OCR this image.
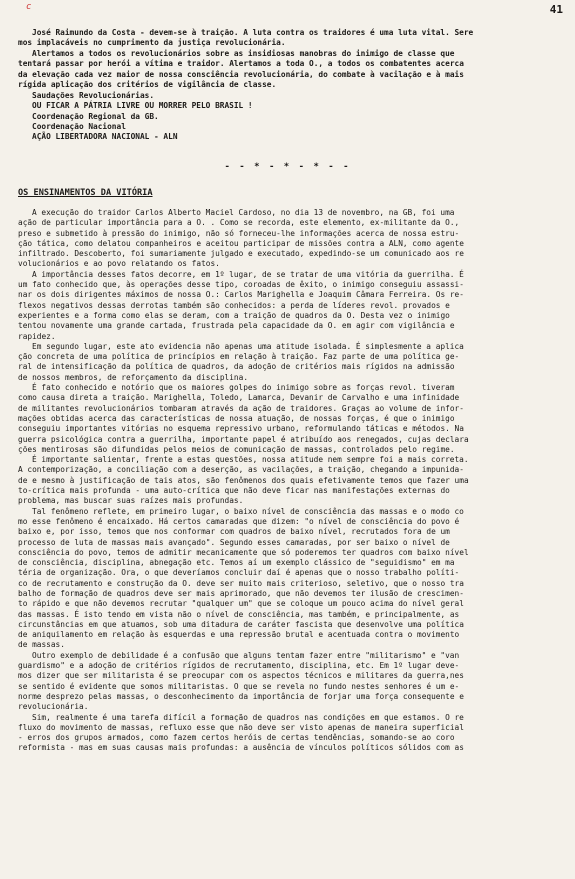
c	41
José Raimundo da Costa - devem-se à traição. A luta contra os traidores é uma luta vital. Sere
mos implacáveis no cumprimento da justiça revolucionária.
Alertamos a todos os revolucionários sobre as insidiosas manobras do inimigo de classe que
tentará passar por herói a vítima e traidor. Alertamos a toda O., a todos os combatentes acerca
da elevação cada vez maior de nossa consciência revolucionária, do combate à vacilação e à mais
rígida aplicação dos critérios de vigilância de classe.
Saudações Revolucionárias.
OU FICAR A PÁTRIA LIVRE OU MORRER PELO BRASIL !
Coordenação Regional da GB.
Coordenação Nacional
AÇÃO LIBERTADORA NACIONAL - ALN
- - * - * - * - -
OS ENSINAMENTOS DA VITÓRIA
A execução do traidor Carlos Alberto Maciel Cardoso, no dia 13 de novembro, na GB, foi uma
ação de particular importância para a O. . Como se recorda, este elemento, ex-militante da O.,
preso e submetido à pressão do inimigo, não só forneceu-lhe informações acerca de nossa estru-
ção tática, como delatou companheiros e aceitou participar de missões contra a ALN, como agente
infiltrado. Descoberto, foi sumariamente julgado e executado, expedindo-se um comunicado aos re
volucionários e ao povo relatando os fatos.
A importância desses fatos decorre, em 1º lugar, de se tratar de uma vitória da guerrilha. É
um fato conhecido que, às operações desse tipo, coroadas de êxito, o inimigo conseguiu assassi-
nar os dois dirigentes máximos de nossa O.: Carlos Marighella e Joaquim Câmara Ferreira. Os re-
flexos negativos dessas derrotas também são conhecidos: a perda de líderes revol. provados e
experientes e a forma como elas se deram, com a traição de quadros da O. Desta vez o inimigo
tentou novamente uma grande cartada, frustrada pela capacidade da O. em agir com vigilância e
rapidez.
Em segundo lugar, este ato evidencia não apenas uma atitude isolada. É simplesmente a aplica
ção concreta de uma política de princípios em relação à traição. Faz parte de uma política ge-
ral de intensificação da política de quadros, da adoção de critérios mais rígidos na admissão
de nossos membros, de reforçamento da disciplina.
É fato conhecido e notório que os maiores golpes do inimigo sobre as forças revol. tiveram
como causa direta a traição. Marighella, Toledo, Lamarca, Devanir de Carvalho e uma infinidade
de militantes revolucionários tombaram através da ação de traidores. Graças ao volume de infor-
mações obtidas acerca das características de nossa atuação, de nossas forças, é que o inimigo
conseguiu importantes vitórias no esquema repressivo urbano, reformulando táticas e métodos. Na
guerra psicológica contra a guerrilha, importante papel é atribuído aos renegados, cujas declara
ções mentirosas são difundidas pelos meios de comunicação de massas, controlados pelo regime.
É importante salientar, frente a estas questões, nossa atitude nem sempre foi a mais correta.
A contemporização, a conciliação com a deserção, as vacilações, a traição, chegando a impunida-
de e mesmo à justificação de tais atos, são fenômenos dos quais efetivamente temos que fazer uma
to-crítica mais profunda - uma auto-crítica que não deve ficar nas manifestações externas do
problema, mas buscar suas raízes mais profundas.
Tal fenômeno reflete, em primeiro lugar, o baixo nível de consciência das massas e o modo co
mo esse fenômeno é encaixado. Há certos camaradas que dizem: "o nível de consciência do povo é
baixo e, por isso, temos que nos conformar com quadros de baixo nível, recrutados fora de um
processo de luta de massas mais avançado". Segundo esses camaradas, por ser baixo o nível de
consciência do povo, temos de admitir mecanicamente que só poderemos ter quadros com baixo nível
de consciência, disciplina, abnegação etc. Temos aí um exemplo clássico de "seguidismo" em ma
téria de organização. Ora, o que deveríamos concluir daí é apenas que o nosso trabalho políti-
co de recrutamento e construção da O. deve ser muito mais criterioso, seletivo, que o nosso tra
balho de formação de quadros deve ser mais aprimorado, que não devemos ter ilusão de crescimen-
to rápido e que não devemos recrutar "qualquer um" que se coloque um pouco acima do nível geral
das massas. É isto tendo em vista não o nível de consciência, mas também, e principalmente, as
circunstâncias em que atuamos, sob uma ditadura de caráter fascista que desenvolve uma política
de aniquilamento em relação às esquerdas e uma repressão brutal e acentuada contra o movimento
de massas.
Outro exemplo de debilidade é a confusão que alguns tentam fazer entre "militarismo" e "van
guardismo" e a adoção de critérios rígidos de recrutamento, disciplina, etc. Em 1º lugar deve-
mos dizer que ser militarista é se preocupar com os aspectos técnicos e militares da guerra,nes
se sentido é evidente que somos militaristas. O que se revela no fundo nestes senhores é um e-
norme desprezo pelas massas, o desconhecimento da importância de forjar uma força consequente e
revolucionária.
Sim, realmente é uma tarefa difícil a formação de quadros nas condições em que estamos. O re
fluxo do movimento de massas, refluxo esse que não deve ser visto apenas de maneira superficial
- erros dos grupos armados, como fazem certos heróis de certas tendências, somando-se ao coro
reformista - mas em suas causas mais profundas: a ausência de vínculos políticos sólidos com as
